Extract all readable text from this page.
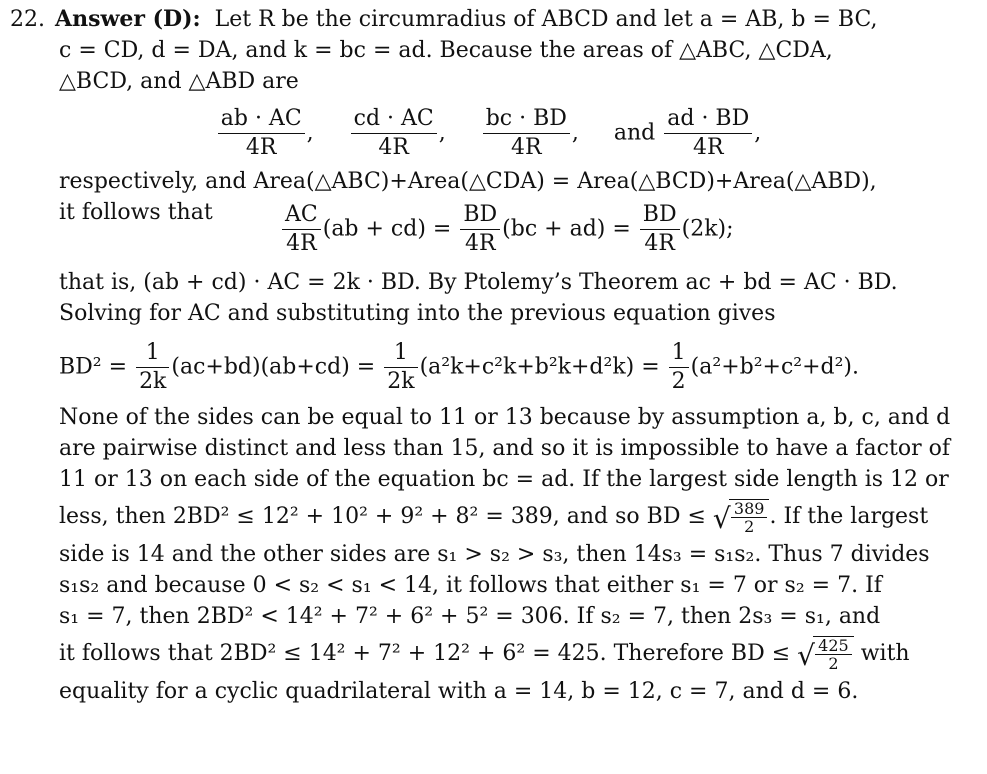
22. Answer (D): Let R be the circumradius of ABCD and let a = AB, b = BC,

c = CD, d = DA, and k = bc = ad. Because the areas of △ABC, △CDA,

△BCD, and △ABD are

$\frac{ab \cdot AC}{4R}$ , $\frac{cd \cdot AC}{4R}$ , $\frac{bc \cdot BD}{4R}$ ,     and $\frac{ad \cdot BD}{4R}$ ,

respectively, and Area(△ABC)+Area(△CDA) = Area(△BCD)+Area(△ABD),

it follows that	$\frac{AC}{4R} (ab + cd) = \frac{BD}{4R} (bc + ad) = \frac{BD}{4R} (2k)$;

that is, (ab + cd) · AC = 2k · BD. By Ptolemy’s Theorem ac + bd = AC · BD.

Solving for AC and substituting into the previous equation gives

$BD^2 = \frac{1}{2k} (ac+bd)(ab+cd) = \frac{1}{2k} (a^2k+c^2k+b^2k+d^2k) = \frac{1}{2} (a^2+b^2+c^2+d^2)$.

None of the sides can be equal to 11 or 13 because by assumption a, b, c, and d

are pairwise distinct and less than 15, and so it is impossible to have a factor of

11 or 13 on each side of the equation bc = ad. If the largest side length is 12 or

less, then 2BD² ≤ 12² + 10² + 9² + 8² = 389, and so BD ≤ √ $\frac{389}{2}$ . If the largest

side is 14 and the other sides are s₁ > s₂ > s₃, then 14s₃ = s₁s₂. Thus 7 divides

s₁s₂ and because 0 < s₂ < s₁ < 14, it follows that either s₁ = 7 or s₂ = 7. If

s₁ = 7, then 2BD² < 14² + 7² + 6² + 5² = 306. If s₂ = 7, then 2s₃ = s₁, and

it follows that 2BD² ≤ 14² + 7² + 12² + 6² = 425. Therefore BD ≤ √ $\frac{425}{2}$ with

equality for a cyclic quadrilateral with a = 14, b = 12, c = 7, and d = 6.
